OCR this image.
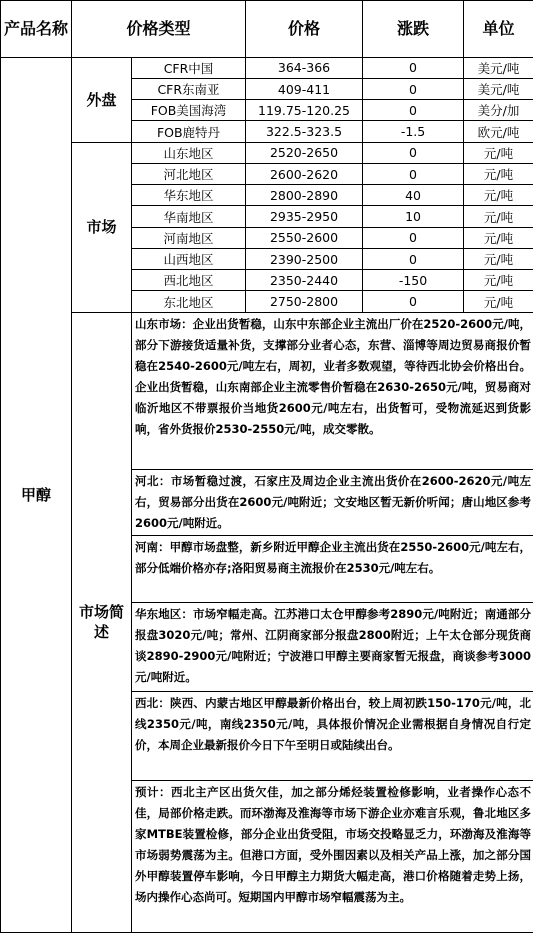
产品名称	价格类型		价格	涨跌	单位
甲醇	外盘	CFR中国	364-366	0	美元/吨
		CFR东南亚	409-411	0	美元/吨
		FOB美国海湾	119.75-120.25	0	美分/加
		FOB鹿特丹	322.5-323.5	-1.5	欧元/吨
	市场	山东地区	2520-2650	0	元/吨
		河北地区	2600-2620	0	元/吨
		华东地区	2800-2890	40	元/吨
		华南地区	2935-2950	10	元/吨
		河南地区	2550-2600	0	元/吨
		山西地区	2390-2500	0	元/吨
		西北地区	2350-2440	-150	元/吨
		东北地区	2750-2800	0	元/吨
	市场简述	山东市场：企业出货暂稳，山东中东部企业主流出厂价在2520-2600元/吨，部分下游接货适量补货，支撑部分业者心态，东营、淄博等周边贸易商报价暂稳在2540-2600元/吨左右，周初，业者多数观望，等待西北协会价格出台。企业出货暂稳，山东南部企业主流零售价暂稳在2630-2650元/吨，贸易商对临沂地区不带票报价当地货2600元/吨左右，出货暂可，受物流延迟到货影响，省外货报价2530-2550元/吨，成交零散。			
		河北：市场暂稳过渡，石家庄及周边企业主流出货价在2600-2620元/吨左右，贸易部分出货在2600元/吨附近；文安地区暂无新价听闻；唐山地区参考2600元/吨附近。			
		河南：甲醇市场盘整，新乡附近甲醇企业主流出货在2550-2600元/吨左右，部分低端价格亦存;洛阳贸易商主流报价在2530元/吨左右。			
		华东地区：市场窄幅走高。江苏港口太仓甲醇参考2890元/吨附近；南通部分报盘3020元/吨；常州、江阴商家部分报盘2800附近；上午太仓部分现货商谈2890-2900元/吨附近；宁波港口甲醇主要商家暂无报盘，商谈参考3000元/吨附近。			
		西北：陕西、内蒙古地区甲醇最新价格出台，较上周初跌150-170元/吨，北线2350元/吨，南线2350元/吨，具体报价情况企业需根据自身情况自行定价，本周企业最新报价今日下午至明日或陆续出台。			
		预计：西北主产区出货欠佳，加之部分烯烃装置检修影响，业者操作心态不佳，局部价格走跌。而环渤海及淮海等市场下游企业亦难言乐观，鲁北地区多家MTBE装置检修，部分企业出货受阻，市场交投略显乏力，环渤海及淮海等市场弱势震荡为主。但港口方面，受外围因素以及相关产品上涨，加之部分国外甲醇装置停车影响，今日甲醇主力期货大幅走高，港口价格随着走势上扬，场内操作心态尚可。短期国内甲醇市场窄幅震荡为主。			
